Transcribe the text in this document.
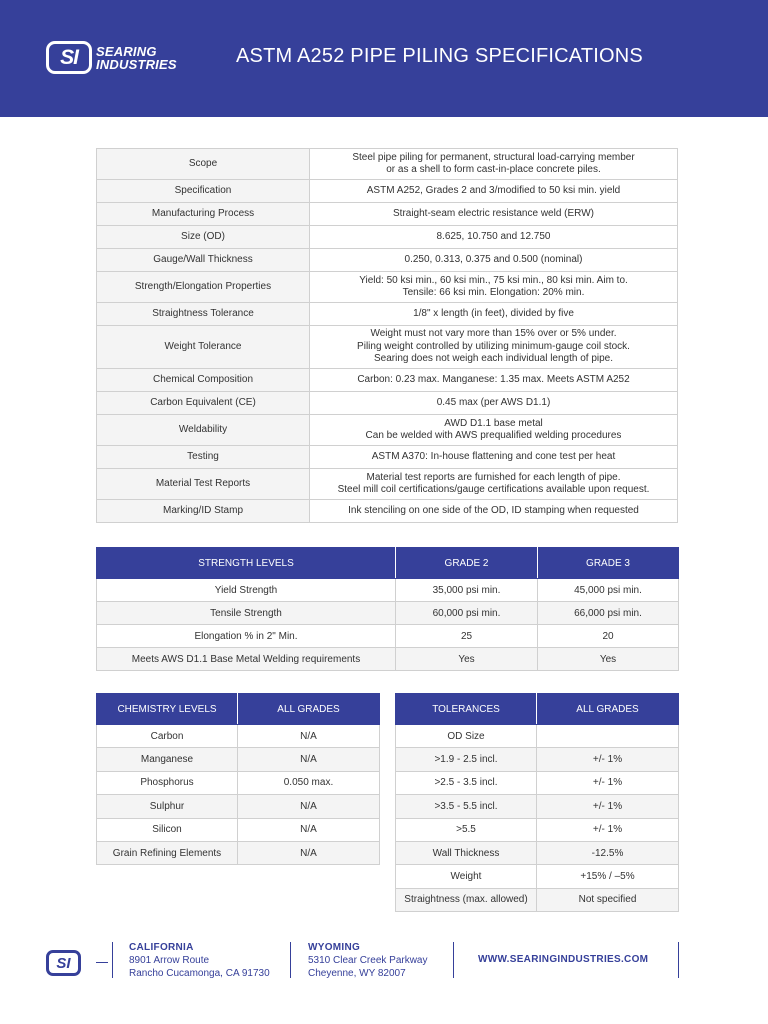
SI	SEARING
INDUSTRIES	ASTM A252 PIPE PILING SPECIFICATIONS
Scope	Steel pipe piling for permanent, structural load-carrying member
or as a shell to form cast-in-place concrete piles.

Specification	ASTM A252, Grades 2 and 3/modified to 50 ksi min. yield

Manufacturing Process	Straight-seam electric resistance weld (ERW)

Size (OD)	8.625, 10.750 and 12.750

Gauge/Wall Thickness	0.250, 0.313, 0.375 and 0.500 (nominal)

Strength/Elongation Properties	Yield: 50 ksi min., 60 ksi min., 75 ksi min., 80 ksi min. Aim to.
Tensile: 66 ksi min. Elongation: 20% min.

Straightness Tolerance	1/8" x length (in feet), divided by five

Weight Tolerance	Weight must not vary more than 15% over or 5% under.
Piling weight controlled by utilizing minimum-gauge coil stock.
Searing does not weigh each individual length of pipe.

Chemical Composition	Carbon: 0.23 max. Manganese: 1.35 max. Meets ASTM A252

Carbon Equivalent (CE)	0.45 max (per AWS D1.1)

Weldability	AWD D1.1 base metal
Can be welded with AWS prequalified welding procedures

Testing	ASTM A370: In-house flattening and cone test per heat

Material Test Reports	Material test reports are furnished for each length of pipe.
Steel mill coil certifications/gauge certifications available upon request.

Marking/ID Stamp	Ink stenciling on one side of the OD, ID stamping when requested
STRENGTH LEVELS	GRADE 2	GRADE 3
Yield Strength	35,000 psi min.	45,000 psi min.
Tensile Strength	60,000 psi min.	66,000 psi min.
Elongation % in 2" Min.	25	20
Meets AWS D1.1 Base Metal Welding requirements	Yes	Yes
CHEMISTRY LEVELS	ALL GRADES
Carbon	N/A
Manganese	N/A
Phosphorus	0.050 max.
Sulphur	N/A
Silicon	N/A
Grain Refining Elements	N/A
TOLERANCES	ALL GRADES
OD Size	
>1.9 - 2.5 incl.	+/- 1%
>2.5 - 3.5 incl.	+/- 1%
>3.5 - 5.5 incl.	+/- 1%
>5.5	+/- 1%
Wall Thickness	-12.5%
Weight	+15% / –5%
Straightness (max. allowed)	Not specified
SI
CALIFORNIA
8901 Arrow Route
Rancho Cucamonga, CA 91730
WYOMING
5310 Clear Creek Parkway
Cheyenne, WY 82007
WWW.SEARINGINDUSTRIES.COM
